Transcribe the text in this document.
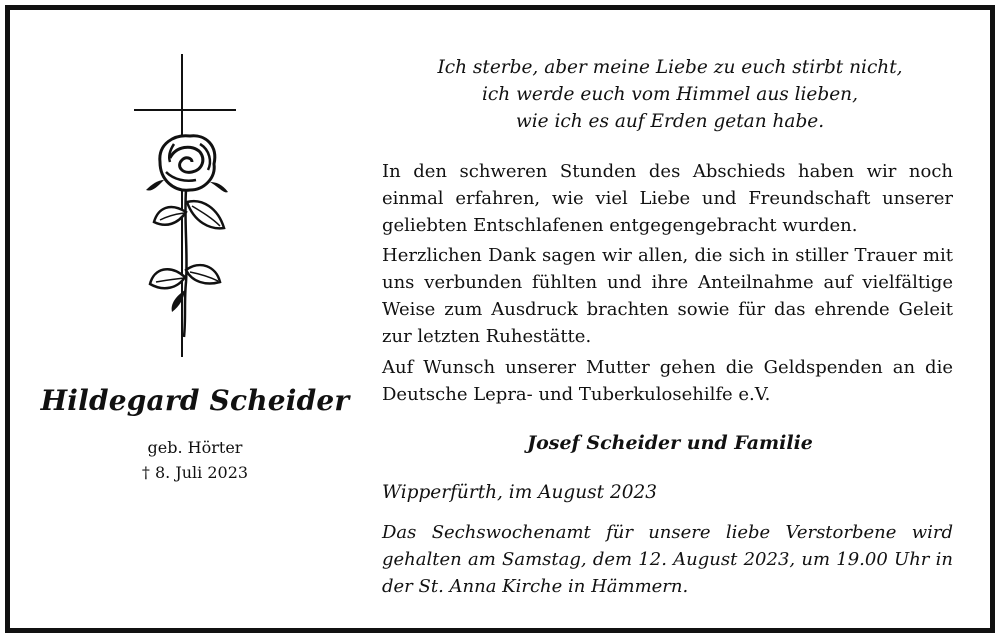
Hildegard Scheider
geb. Hörter
† 8. Juli 2023
Ich sterbe, aber meine Liebe zu euch stirbt nicht,
ich werde euch vom Himmel aus lieben,
wie ich es auf Erden getan habe.
In den schweren Stunden des Abschieds haben wir noch einmal erfahren, wie viel Liebe und Freundschaft unserer geliebten Entschlafenen entgegengebracht wurden.
Herzlichen Dank sagen wir allen, die sich in stiller Trauer mit uns verbunden fühlten und ihre Anteilnahme auf vielfältige Weise zum Ausdruck brachten sowie für das ehrende Geleit zur letzten Ruhestätte.
Auf Wunsch unserer Mutter gehen die Geldspenden an die Deutsche Lepra- und Tuberkulosehilfe e.V.
Josef Scheider und Familie
Wipperfürth, im August 2023
Das Sechswochenamt für unsere liebe Verstorbene wird gehalten am Samstag, dem 12. August 2023, um 19.00 Uhr in der St. Anna Kirche in Hämmern.
